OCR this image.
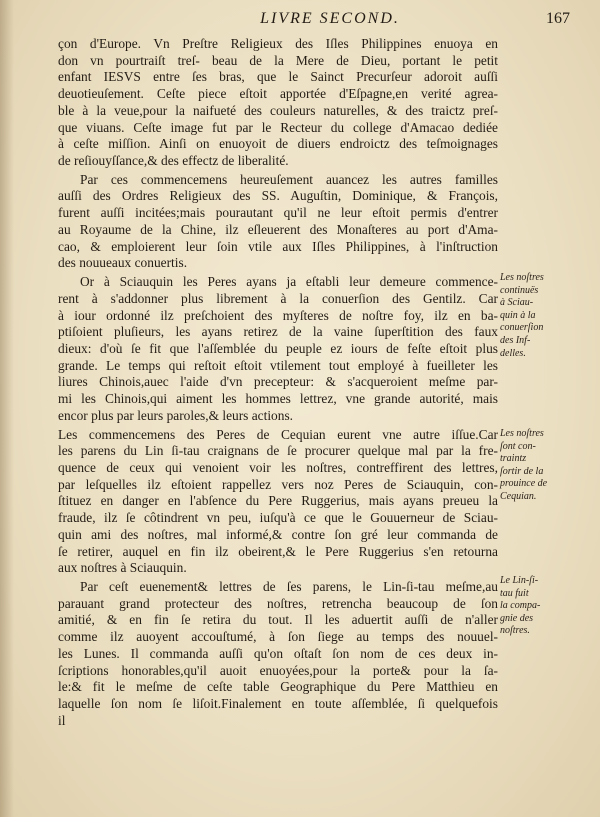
LIVRE SECOND.	167
çon d'Europe. Vn Preſtre Religieux des Iſles Philippines enuoya en
don vn pourtraiſt treſ- beau de la Mere de Dieu, portant le petit
enfant IESVS entre ſes bras, que le Sainct Precurſeur adoroit auſſi
deuotieuſement. Ceſte piece eſtoit apportée d'Eſpagne,en verité agrea-
ble à la veue,pour la naifueté des couleurs naturelles, & des traictz preſ-
que viuans. Ceſte image fut par le Recteur du college d'Amacao dediée
à ceſte miſſion. Ainſi on enuoyoit de diuers endroictz des teſmoignages
de reſiouyſſance,& des effectz de liberalité.
Par ces commencemens heureuſement auancez les autres familles
auſſi des Ordres Religieux des SS. Auguſtin, Dominique, & François,
furent auſſi incitées;mais pourautant qu'il ne leur eſtoit permis d'entrer
au Royaume de la Chine, ilz eſleuerent des Monaſteres au port d'Ama-
cao, & emploierent leur ſoin vtile aux Iſles Philippines, à l'inſtruction
des nouueaux conuertis.
Or à Sciauquin les Peres ayans ja eſtabli leur demeure commence-
rent à s'addonner plus librement à la conuerſion des Gentilz. Car
à iour ordonné ilz preſchoient des myſteres de noſtre foy, ilz en ba-
ptiſoient pluſieurs, les ayans retirez de la vaine ſuperſtition des faux
dieux: d'où ſe fit que l'aſſemblée du peuple ez iours de feſte eſtoit plus
grande. Le temps qui reſtoit eſtoit vtilement tout employé à fueilleter les
liures Chinois,auec l'aide d'vn precepteur: & s'acqueroient meſme par-
mi les Chinois,qui aiment les hommes lettrez, vne grande autorité, mais
encor plus par leurs paroles,& leurs actions.
Les commencemens des Peres de Cequian eurent vne autre iſſue.Car
les parens du Lin ſi-tau craignans de ſe procurer quelque mal par la fre-
quence de ceux qui venoient voir les noſtres, contreffirent des lettres,
par leſquelles ilz eſtoient rappellez vers noz Peres de Sciauquin, con-
ſtituez en danger en l'abſence du Pere Ruggerius, mais ayans preueu la
fraude, ilz ſe côtindrent vn peu, iuſqu'à ce que le Gouuerneur de Sciau-
quin ami des noſtres, mal informé,& contre ſon gré leur commanda de
ſe retirer, auquel en fin ilz obeirent,& le Pere Ruggerius s'en retourna
aux noſtres à Sciauquin.
Par ceſt euenement& lettres de ſes parens, le Lin-ſi-tau meſme,au
parauant grand protecteur des noſtres, retrencha beaucoup de ſon
amitié, & en fin ſe retira du tout. Il les aduertit auſſi de n'aller
comme ilz auoyent accouſtumé, à ſon ſiege au temps des nouuel-
les Lunes. Il commanda auſſi qu'on oſtaſt ſon nom de ces deux in-
ſcriptions honorables,qu'il auoit enuoyées,pour la porte& pour la ſa-
le:& fit le meſme de ceſte table Geographique du Pere Matthieu en
laquelle ſon nom ſe liſoit.Finalement en toute aſſemblée, ſi quelquefois
il
Les noſtres
continuës
à Sciau-
quin à la
conuerſion
des Inf-
delles.
Les noſtres
ſont con-
traintz
ſortir de la
prouince de
Cequian.
Le Lin-ſi-
tau fuit
la compa-
gnie des
noſtres.
